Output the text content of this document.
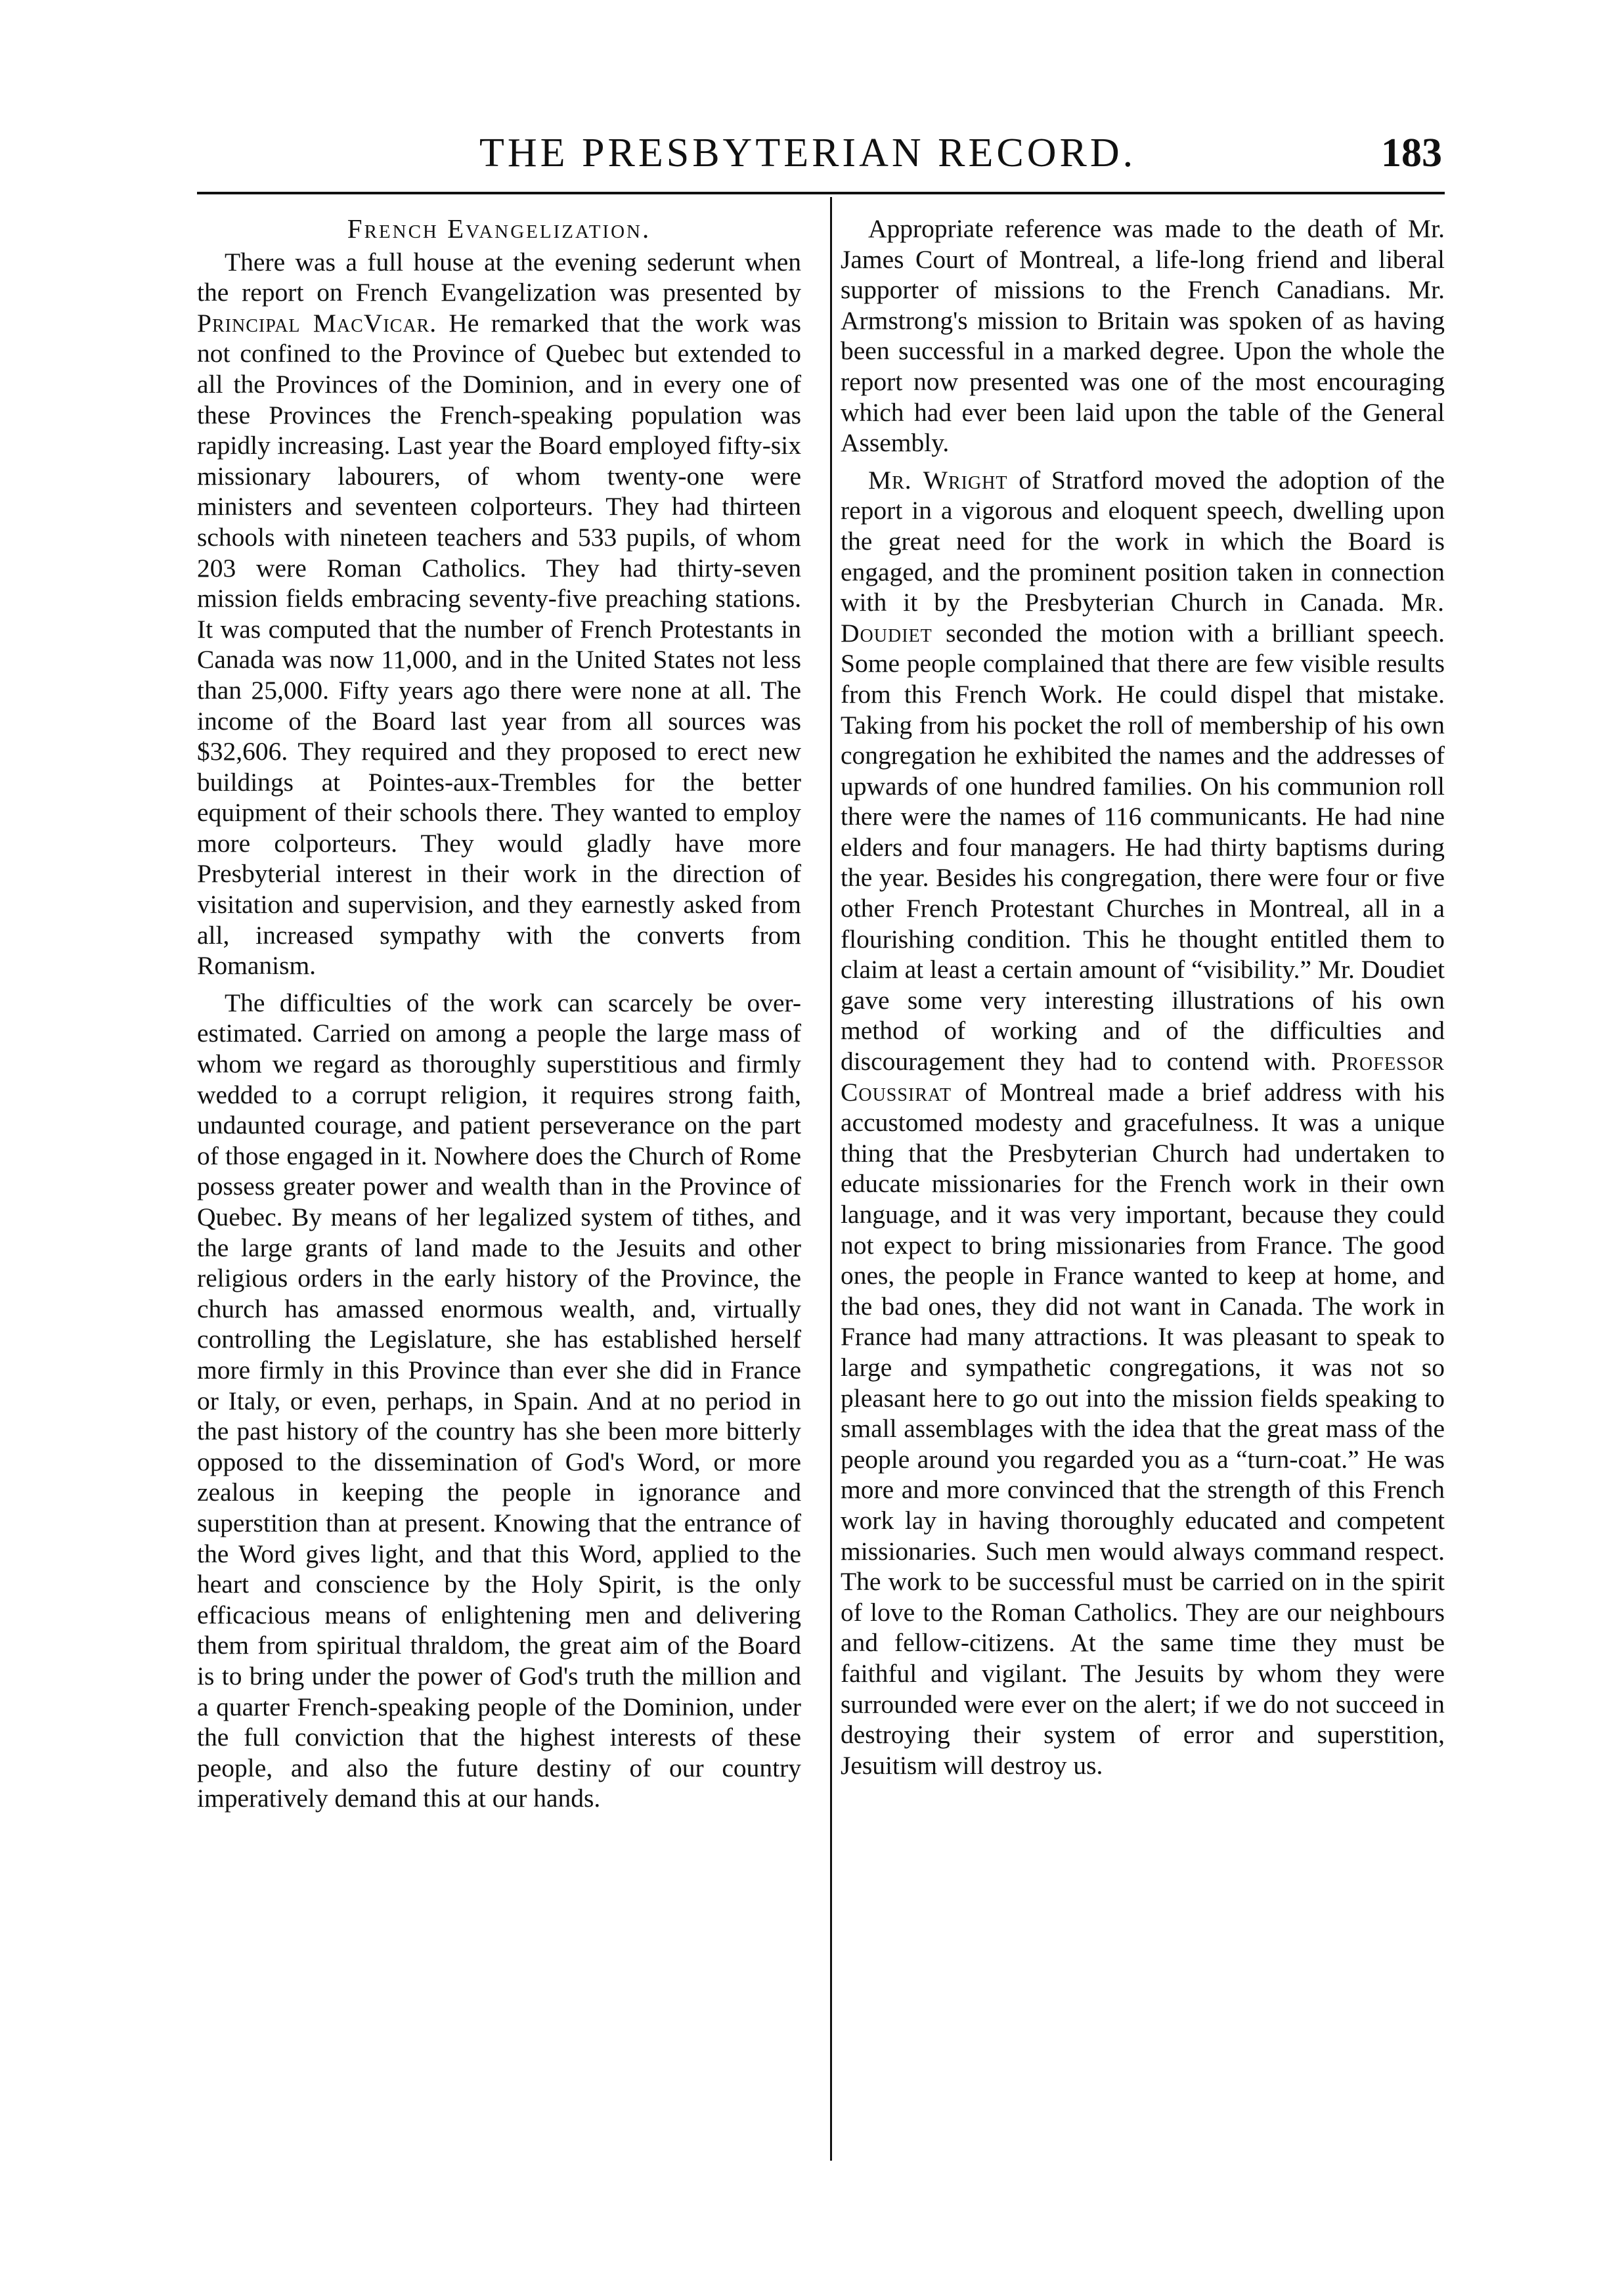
THE PRESBYTERIAN RECORD.	183
French Evangelization.

There was a full house at the evening sederunt when the report on French Evangelization was presented by Principal MacVicar. He remarked that the work was not confined to the Province of Quebec but extended to all the Provinces of the Dominion, and in every one of these Provinces the French-speaking population was rapidly increasing. Last year the Board employed fifty-six missionary labourers, of whom twenty-one were ministers and seventeen colporteurs. They had thirteen schools with nineteen teachers and 533 pupils, of whom 203 were Roman Catholics. They had thirty-seven mission fields embracing seventy-five preaching stations. It was computed that the number of French Protestants in Canada was now 11,000, and in the United States not less than 25,000. Fifty years ago there were none at all. The income of the Board last year from all sources was $32,606. They required and they proposed to erect new buildings at Pointes-aux-Trembles for the better equipment of their schools there. They wanted to employ more colporteurs. They would gladly have more Presbyterial interest in their work in the direction of visitation and supervision, and they earnestly asked from all, increased sympathy with the converts from Romanism.

The difficulties of the work can scarcely be over-estimated. Carried on among a people the large mass of whom we regard as thoroughly superstitious and firmly wedded to a corrupt religion, it requires strong faith, undaunted courage, and patient perseverance on the part of those engaged in it. Nowhere does the Church of Rome possess greater power and wealth than in the Province of Quebec. By means of her legalized system of tithes, and the large grants of land made to the Jesuits and other religious orders in the early history of the Province, the church has amassed enormous wealth, and, virtually controlling the Legislature, she has established herself more firmly in this Province than ever she did in France or Italy, or even, perhaps, in Spain. And at no period in the past history of the country has she been more bitterly opposed to the dissemination of God's Word, or more zealous in keeping the people in ignorance and superstition than at present. Knowing that the entrance of the Word gives light, and that this Word, applied to the heart and conscience by the Holy Spirit, is the only efficacious means of enlightening men and delivering them from spiritual thraldom, the great aim of the Board is to bring under the power of God's truth the million and a quarter French-speaking people of the Dominion, under the full conviction that the highest interests of these people, and also the future destiny of our country imperatively demand this at our hands.

Appropriate reference was made to the death of Mr. James Court of Montreal, a life-long friend and liberal supporter of missions to the French Canadians. Mr. Armstrong's mission to Britain was spoken of as having been successful in a marked degree. Upon the whole the report now presented was one of the most encouraging which had ever been laid upon the table of the General Assembly.

Mr. Wright of Stratford moved the adoption of the report in a vigorous and eloquent speech, dwelling upon the great need for the work in which the Board is engaged, and the prominent position taken in connection with it by the Presbyterian Church in Canada. Mr. Doudiet seconded the motion with a brilliant speech. Some people complained that there are few visible results from this French Work. He could dispel that mistake. Taking from his pocket the roll of membership of his own congregation he exhibited the names and the addresses of upwards of one hundred families. On his communion roll there were the names of 116 communicants. He had nine elders and four managers. He had thirty baptisms during the year. Besides his congregation, there were four or five other French Protestant Churches in Montreal, all in a flourishing condition. This he thought entitled them to claim at least a certain amount of “visibility.” Mr. Doudiet gave some very interesting illustrations of his own method of working and of the difficulties and discouragement they had to contend with. Professor Coussirat of Montreal made a brief address with his accustomed modesty and gracefulness. It was a unique thing that the Presbyterian Church had undertaken to educate missionaries for the French work in their own language, and it was very important, because they could not expect to bring missionaries from France. The good ones, the people in France wanted to keep at home, and the bad ones, they did not want in Canada. The work in France had many attractions. It was pleasant to speak to large and sympathetic congregations, it was not so pleasant here to go out into the mission fields speaking to small assemblages with the idea that the great mass of the people around you regarded you as a “turn-coat.” He was more and more convinced that the strength of this French work lay in having thoroughly educated and competent missionaries. Such men would always command respect. The work to be successful must be carried on in the spirit of love to the Roman Catholics. They are our neighbours and fellow-citizens. At the same time they must be faithful and vigilant. The Jesuits by whom they were surrounded were ever on the alert; if we do not succeed in destroying their system of error and superstition, Jesuitism will destroy us.
